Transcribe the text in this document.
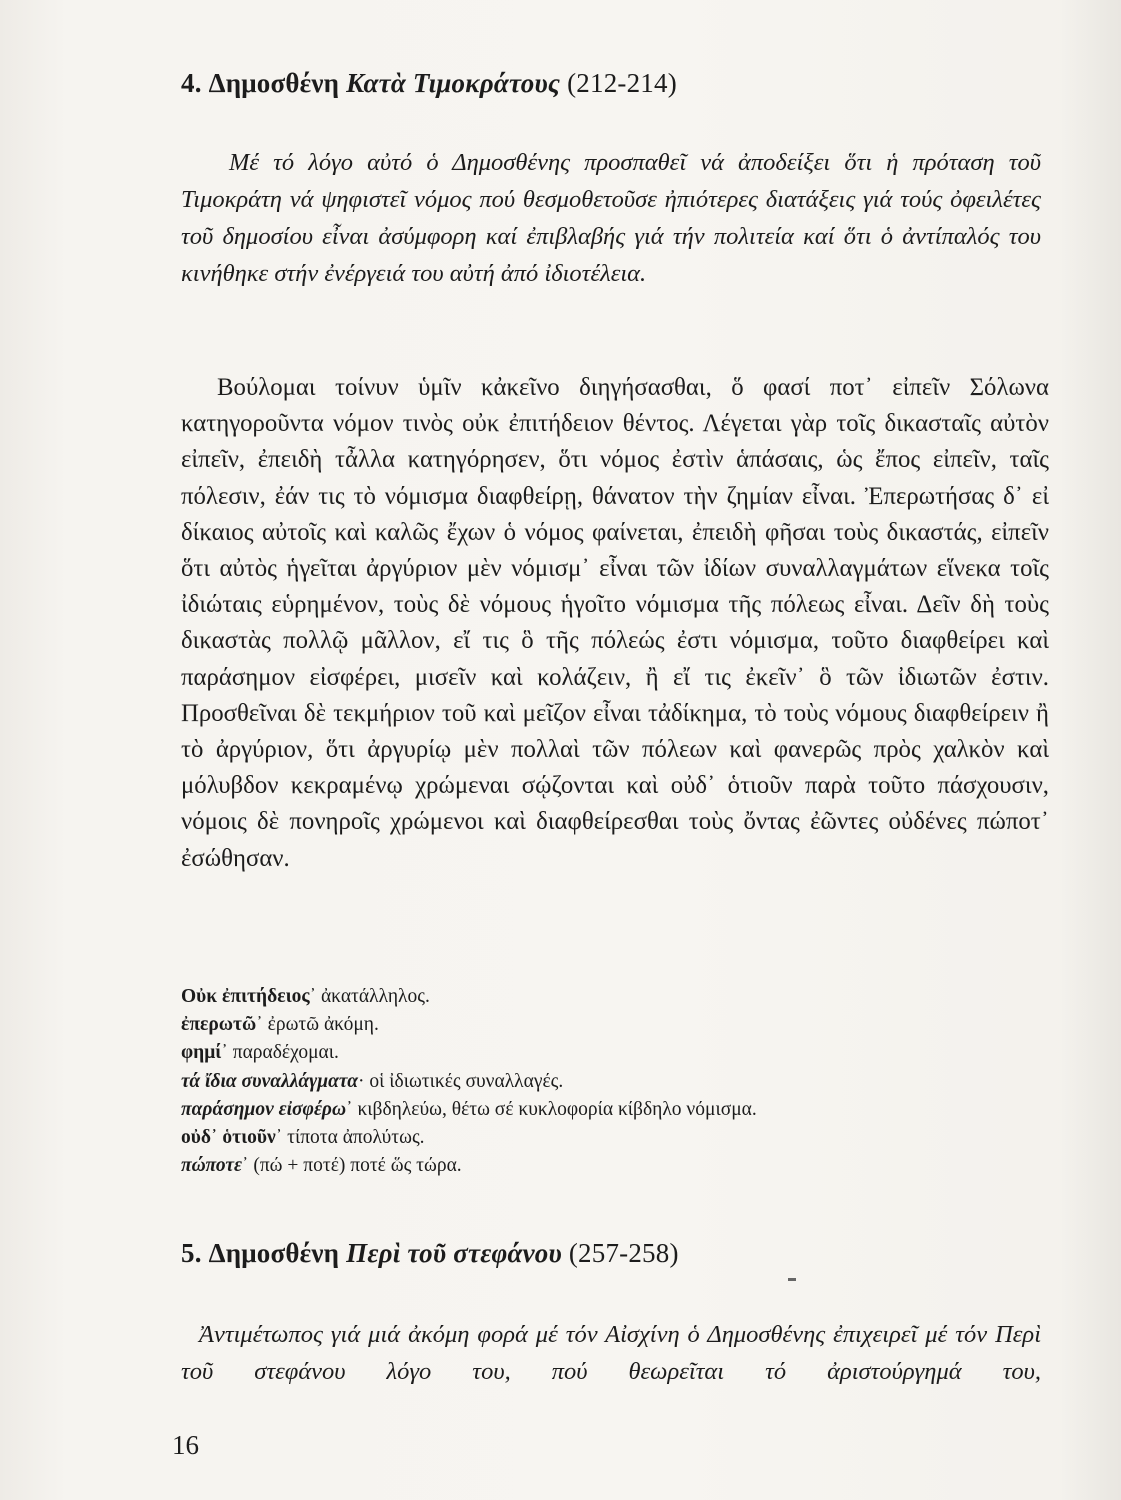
4. Δημοσθένη Κατὰ Τιμοκράτους (212-214)
Μέ τό λόγο αὐτό ὁ Δημοσθένης προσπαθεῖ νά ἀποδείξει ὅτι ἡ πρόταση τοῦ Τιμοκράτη νά ψηφιστεῖ νόμος πού θεσμοθετοῦσε ἠπιότερες διατάξεις γιά τούς ὀφειλέτες τοῦ δημοσίου εἶναι ἀσύμφορη καί ἐπιβλαβής γιά τήν πολιτεία καί ὅτι ὁ ἀντίπαλός του κινήθηκε στήν ἐνέργειά του αὐτή ἀπό ἰδιοτέλεια.
Βούλομαι τοίνυν ὑμῖν κἀκεῖνο διηγήσασθαι, ὅ φασί ποτ᾽ εἰπεῖν Σόλωνα κατηγοροῦντα νόμον τινὸς οὐκ ἐπιτήδειον θέντος. Λέγεται γὰρ τοῖς δικασταῖς αὐτὸν εἰπεῖν, ἐπειδὴ τἆλλα κατηγόρησεν, ὅτι νόμος ἐστὶν ἁπάσαις, ὡς ἔπος εἰπεῖν, ταῖς πόλεσιν, ἐάν τις τὸ νόμισμα διαφθείρῃ, θάνατον τὴν ζημίαν εἶναι. Ἐπερωτήσας δ᾽ εἰ δίκαιος αὐτοῖς καὶ καλῶς ἔχων ὁ νόμος φαίνεται, ἐπειδὴ φῆσαι τοὺς δικαστάς, εἰπεῖν ὅτι αὐτὸς ἡγεῖται ἀργύριον μὲν νόμισμ᾽ εἶναι τῶν ἰδίων συναλλαγμάτων εἵνεκα τοῖς ἰδιώταις εὑρημένον, τοὺς δὲ νόμους ἡγοῖτο νόμισμα τῆς πόλεως εἶναι. Δεῖν δὴ τοὺς δικαστὰς πολλῷ μᾶλλον, εἴ τις ὃ τῆς πόλεώς ἐστι νόμισμα, τοῦτο διαφθείρει καὶ παράσημον εἰσφέρει, μισεῖν καὶ κολάζειν, ἢ εἴ τις ἐκεῖν᾽ ὃ τῶν ἰδιωτῶν ἐστιν. Προσθεῖναι δὲ τεκμήριον τοῦ καὶ μεῖζον εἶναι τἀδίκημα, τὸ τοὺς νόμους διαφθείρειν ἢ τὸ ἀργύριον, ὅτι ἀργυρίῳ μὲν πολλαὶ τῶν πόλεων καὶ φανερῶς πρὸς χαλκὸν καὶ μόλυβδον κεκραμένῳ χρώμεναι σῴζονται καὶ οὐδ᾽ ὁτιοῦν παρὰ τοῦτο πάσχουσιν, νόμοις δὲ πονηροῖς χρώμενοι καὶ διαφθείρεσθαι τοὺς ὄντας ἐῶντες οὐδένες πώποτ᾽ ἐσώθησαν.
Οὐκ ἐπιτήδειος᾽ ἀκατάλληλος.
ἐπερωτῶ᾽ ἐρωτῶ ἀκόμη.
φημί᾽ παραδέχομαι.
τά ἴδια συναλλάγματα· οἱ ἰδιωτικές συναλλαγές.
παράσημον εἰσφέρω᾽ κιβδηλεύω, θέτω σέ κυκλοφορία κίβδηλο νόμισμα.
οὐδ᾽ ὁτιοῦν᾽ τίποτα ἀπολύτως.
πώποτε᾽ (πώ + ποτέ) ποτέ ὥς τώρα.
5. Δημοσθένη Περὶ τοῦ στεφάνου (257-258)
Ἀντιμέτωπος γιά μιά ἀκόμη φορά μέ τόν Αἰσχίνη ὁ Δημοσθένης ἐπιχειρεῖ μέ τόν Περὶ τοῦ στεφάνου λόγο του, πού θεωρεῖται τό ἀριστούργημά του,
16
